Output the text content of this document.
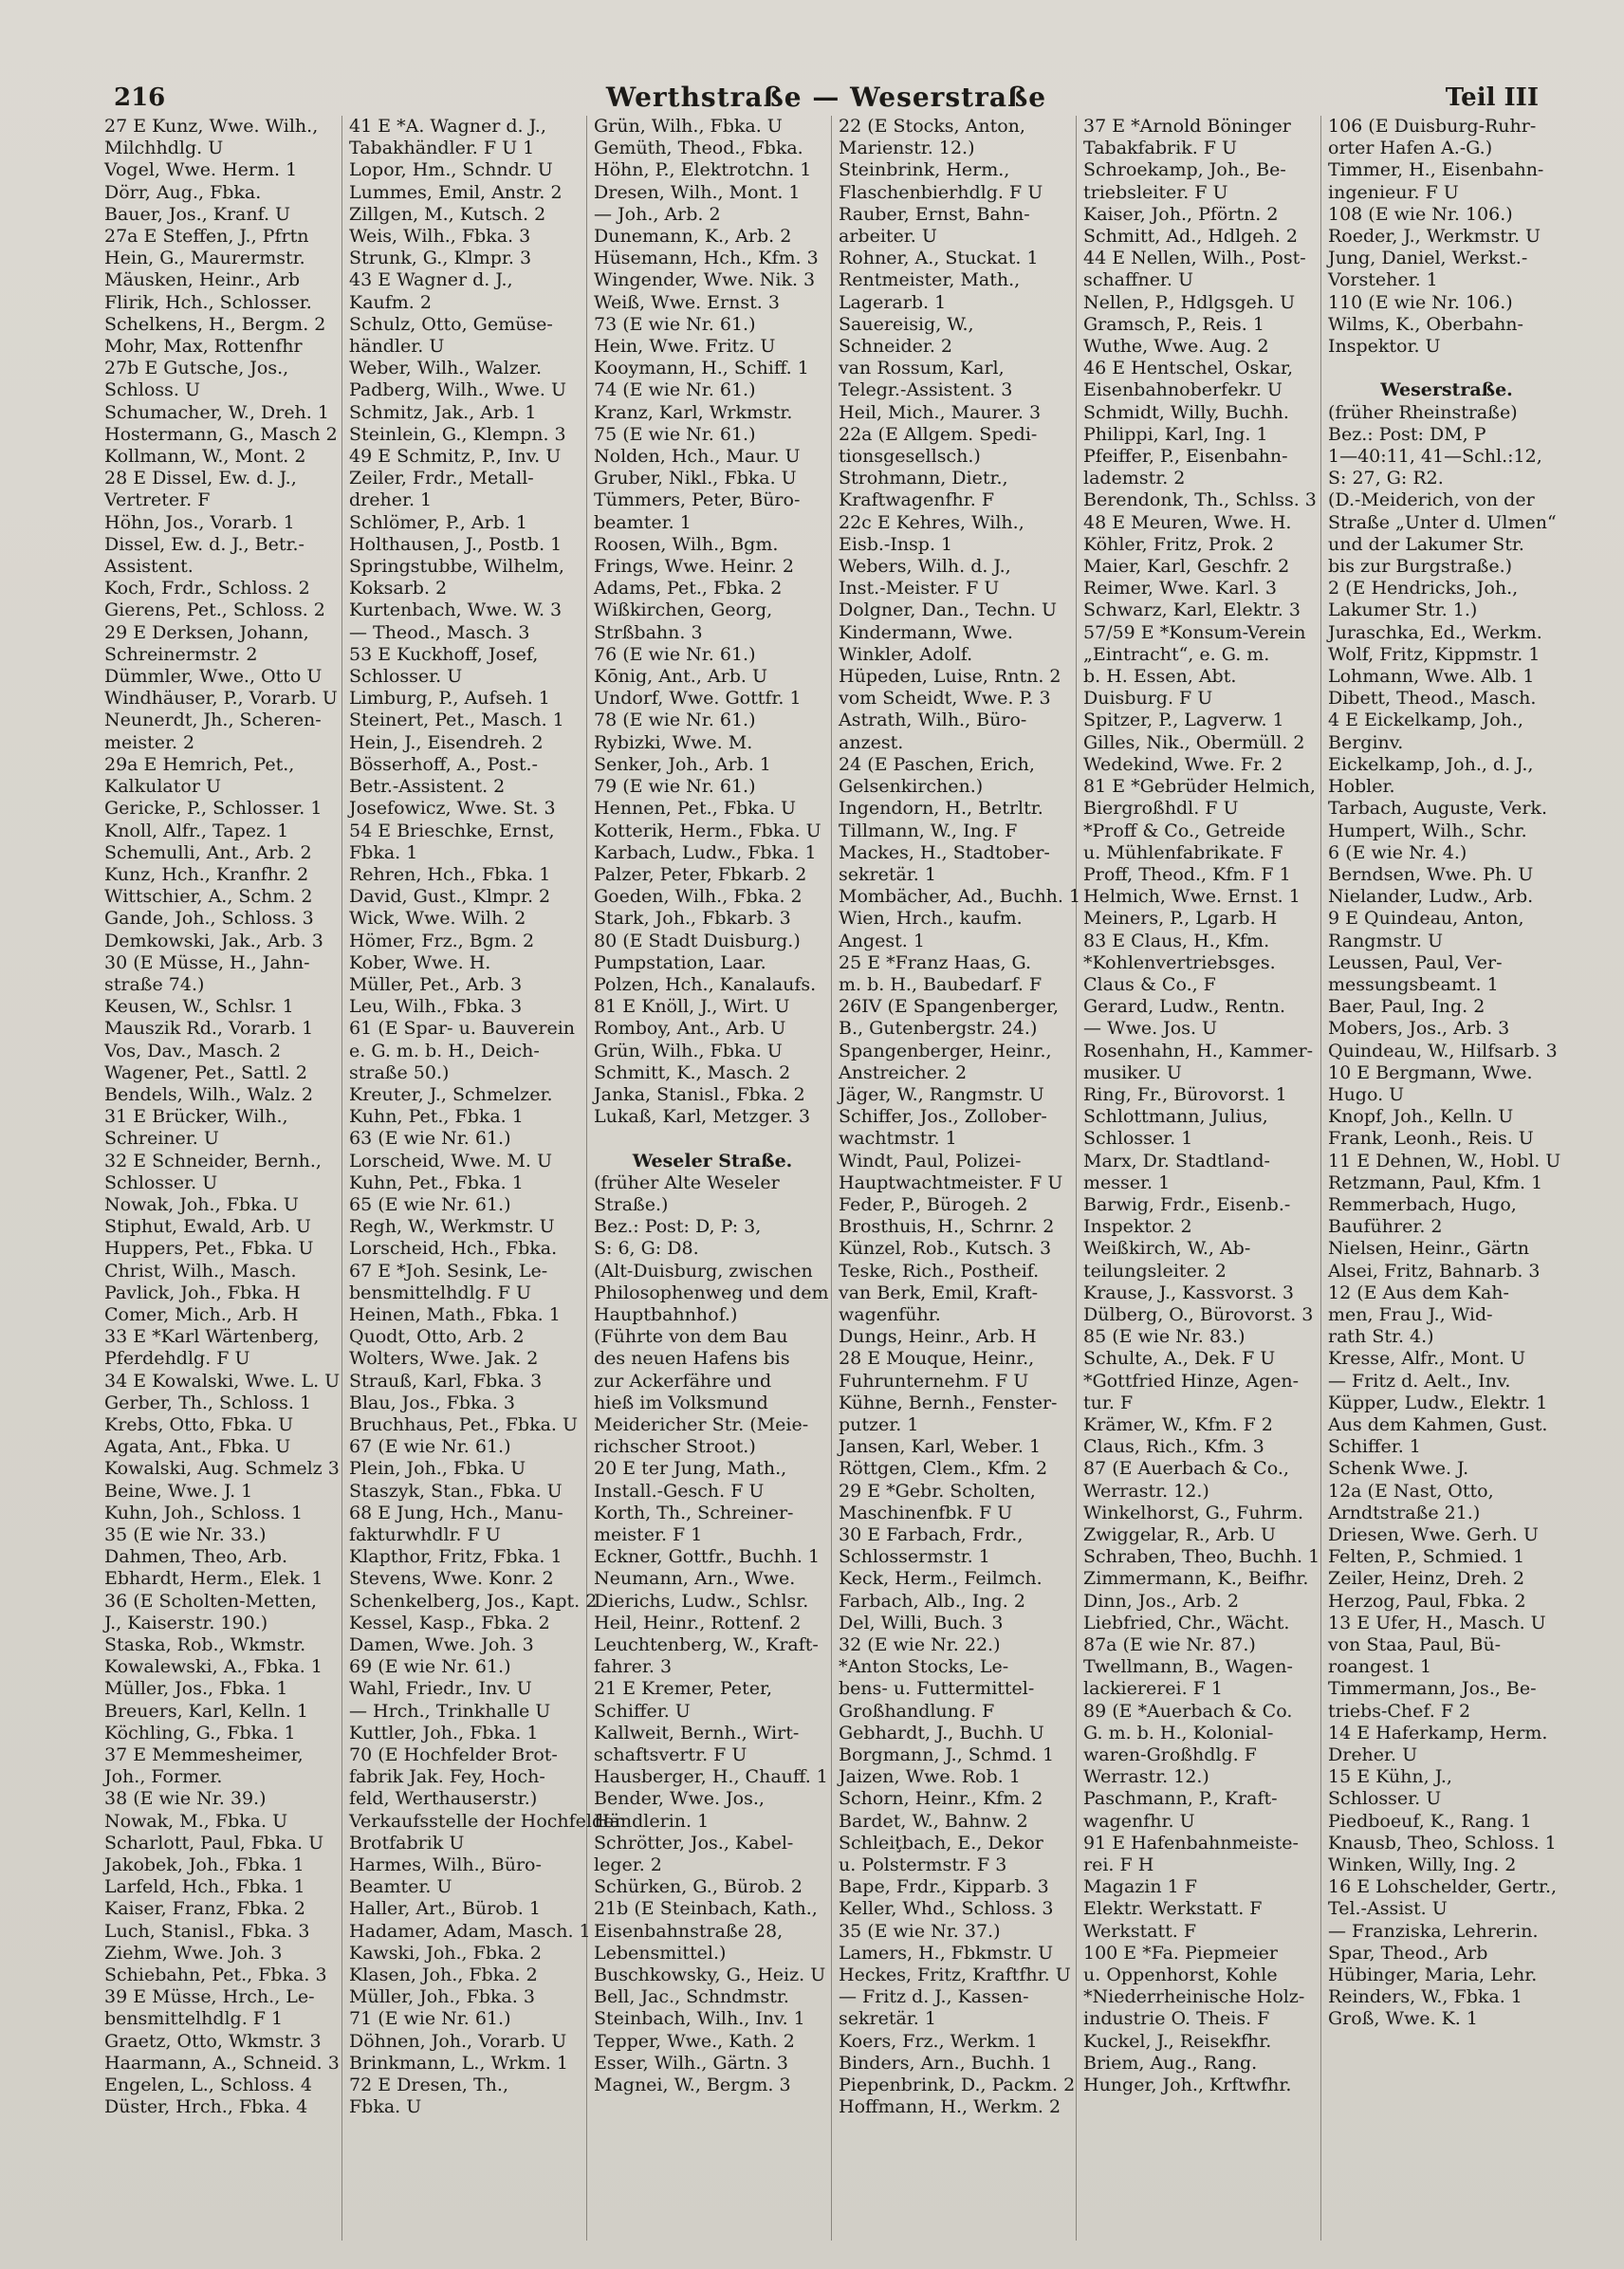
216	Werthstraße — Weserstraße	Teil III
27 E Kunz, Wwe. Wilh.,
Milchhdlg. U
Vogel, Wwe. Herm. 1
Dörr, Aug., Fbka.
Bauer, Jos., Kranf. U
27a E Steffen, J., Pfrtn
Hein, G., Maurermstr.
Mäusken, Heinr., Arb
Flirik, Hch., Schlosser.
Schelkens, H., Bergm. 2
Mohr, Max, Rottenfhr
27b E Gutsche, Jos.,
Schloss. U
Schumacher, W., Dreh. 1
Hostermann, G., Masch 2
Kollmann, W., Mont. 2
28 E Dissel, Ew. d. J.,
Vertreter. F
Höhn, Jos., Vorarb. 1
Dissel, Ew. d. J., Betr.-
Assistent.
Koch, Frdr., Schloss. 2
Gierens, Pet., Schloss. 2
29 E Derksen, Johann,
Schreinermstr. 2
Dümmler, Wwe., Otto U
Windhäuser, P., Vorarb. U
Neunerdt, Jh., Scheren-
meister. 2
29a E Hemrich, Pet.,
Kalkulator U
Gericke, P., Schlosser. 1
Knoll, Alfr., Tapez. 1
Schemulli, Ant., Arb. 2
Kunz, Hch., Kranfhr. 2
Wittschier, A., Schm. 2
Gande, Joh., Schloss. 3
Demkowski, Jak., Arb. 3
30 (E Müsse, H., Jahn-
straße 74.)
Keusen, W., Schlsr. 1
Mauszik Rd., Vorarb. 1
Vos, Dav., Masch. 2
Wagener, Pet., Sattl. 2
Bendels, Wilh., Walz. 2
31 E Brücker, Wilh.,
Schreiner. U
32 E Schneider, Bernh.,
Schlosser. U
Nowak, Joh., Fbka. U
Stiphut, Ewald, Arb. U
Huppers, Pet., Fbka. U
Christ, Wilh., Masch.
Pavlick, Joh., Fbka. H
Comer, Mich., Arb. H
33 E *Karl Wärtenberg,
Pferdehdlg. F U
34 E Kowalski, Wwe. L. U
Gerber, Th., Schloss. 1
Krebs, Otto, Fbka. U
Agata, Ant., Fbka. U
Kowalski, Aug. Schmelz 3
Beine, Wwe. J. 1
Kuhn, Joh., Schloss. 1
35 (E wie Nr. 33.)
Dahmen, Theo, Arb.
Ebhardt, Herm., Elek. 1
36 (E Scholten-Metten,
J., Kaiserstr. 190.)
Staska, Rob., Wkmstr.
Kowalewski, A., Fbka. 1
Müller, Jos., Fbka. 1
Breuers, Karl, Kelln. 1
Köchling, G., Fbka. 1
37 E Memmesheimer,
Joh., Former.
38 (E wie Nr. 39.)
Nowak, M., Fbka. U
Scharlott, Paul, Fbka. U
Jakobek, Joh., Fbka. 1
Larfeld, Hch., Fbka. 1
Kaiser, Franz, Fbka. 2
Luch, Stanisl., Fbka. 3
Ziehm, Wwe. Joh. 3
Schiebahn, Pet., Fbka. 3
39 E Müsse, Hrch., Le-
bensmittelhdlg. F 1
Graetz, Otto, Wkmstr. 3
Haarmann, A., Schneid. 3
Engelen, L., Schloss. 4
Düster, Hrch., Fbka. 4
41 E *A. Wagner d. J.,
Tabakhändler. F U 1
Lopor, Hm., Schndr. U
Lummes, Emil, Anstr. 2
Zillgen, M., Kutsch. 2
Weis, Wilh., Fbka. 3
Strunk, G., Klmpr. 3
43 E Wagner d. J.,
Kaufm. 2
Schulz, Otto, Gemüse-
händler. U
Weber, Wilh., Walzer.
Padberg, Wilh., Wwe. U
Schmitz, Jak., Arb. 1
Steinlein, G., Klempn. 3
49 E Schmitz, P., Inv. U
Zeiler, Frdr., Metall-
dreher. 1
Schlömer, P., Arb. 1
Holthausen, J., Postb. 1
Springstubbe, Wilhelm,
Koksarb. 2
Kurtenbach, Wwe. W. 3
— Theod., Masch. 3
53 E Kuckhoff, Josef,
Schlosser. U
Limburg, P., Aufseh. 1
Steinert, Pet., Masch. 1
Hein, J., Eisendreh. 2
Bösserhoff, A., Post.-
Betr.-Assistent. 2
Josefowicz, Wwe. St. 3
54 E Brieschke, Ernst,
Fbka. 1
Rehren, Hch., Fbka. 1
David, Gust., Klmpr. 2
Wick, Wwe. Wilh. 2
Hömer, Frz., Bgm. 2
Kober, Wwe. H.
Müller, Pet., Arb. 3
Leu, Wilh., Fbka. 3
61 (E Spar- u. Bauverein
e. G. m. b. H., Deich-
straße 50.)
Kreuter, J., Schmelzer.
Kuhn, Pet., Fbka. 1
63 (E wie Nr. 61.)
Lorscheid, Wwe. M. U
Kuhn, Pet., Fbka. 1
65 (E wie Nr. 61.)
Regh, W., Werkmstr. U
Lorscheid, Hch., Fbka.
67 E *Joh. Sesink, Le-
bensmittelhdlg. F U
Heinen, Math., Fbka. 1
Quodt, Otto, Arb. 2
Wolters, Wwe. Jak. 2
Strauß, Karl, Fbka. 3
Blau, Jos., Fbka. 3
Bruchhaus, Pet., Fbka. U
67 (E wie Nr. 61.)
Plein, Joh., Fbka. U
Staszyk, Stan., Fbka. U
68 E Jung, Hch., Manu-
fakturwhdlr. F U
Klapthor, Fritz, Fbka. 1
Stevens, Wwe. Konr. 2
Schenkelberg, Jos., Kapt. 2
Kessel, Kasp., Fbka. 2
Damen, Wwe. Joh. 3
69 (E wie Nr. 61.)
Wahl, Friedr., Inv. U
— Hrch., Trinkhalle U
Kuttler, Joh., Fbka. 1
70 (E Hochfelder Brot-
fabrik Jak. Fey, Hoch-
feld, Werthauserstr.)
Verkaufsstelle der Hochfelder
Brotfabrik U
Harmes, Wilh., Büro-
Beamter. U
Haller, Art., Bürob. 1
Hadamer, Adam, Masch. 1
Kawski, Joh., Fbka. 2
Klasen, Joh., Fbka. 2
Müller, Joh., Fbka. 3
71 (E wie Nr. 61.)
Döhnen, Joh., Vorarb. U
Brinkmann, L., Wrkm. 1
72 E Dresen, Th.,
Fbka. U
Grün, Wilh., Fbka. U
Gemüth, Theod., Fbka.
Höhn, P., Elektrotchn. 1
Dresen, Wilh., Mont. 1
— Joh., Arb. 2
Dunemann, K., Arb. 2
Hüsemann, Hch., Kfm. 3
Wingender, Wwe. Nik. 3
Weiß, Wwe. Ernst. 3
73 (E wie Nr. 61.)
Hein, Wwe. Fritz. U
Kooymann, H., Schiff. 1
74 (E wie Nr. 61.)
Kranz, Karl, Wrkmstr.
75 (E wie Nr. 61.)
Nolden, Hch., Maur. U
Gruber, Nikl., Fbka. U
Tümmers, Peter, Büro-
beamter. 1
Roosen, Wilh., Bgm.
Frings, Wwe. Heinr. 2
Adams, Pet., Fbka. 2
Wißkirchen, Georg,
Strßbahn. 3
76 (E wie Nr. 61.)
Kōnig, Ant., Arb. U
Undorf, Wwe. Gottfr. 1
78 (E wie Nr. 61.)
Rybizki, Wwe. M.
Senker, Joh., Arb. 1
79 (E wie Nr. 61.)
Hennen, Pet., Fbka. U
Kotterik, Herm., Fbka. U
Karbach, Ludw., Fbka. 1
Palzer, Peter, Fbkarb. 2
Goeden, Wilh., Fbka. 2
Stark, Joh., Fbkarb. 3
80 (E Stadt Duisburg.)
Pumpstation, Laar.
Polzen, Hch., Kanalaufs.
81 E Knöll, J., Wirt. U
Romboy, Ant., Arb. U
Grün, Wilh., Fbka. U
Schmitt, K., Masch. 2
Janka, Stanisl., Fbka. 2
Lukaß, Karl, Metzger. 3

Weseler Straße.
(früher Alte Weseler
Straße.)
Bez.: Post: D, P: 3,
S: 6, G: D8.
(Alt-Duisburg, zwischen
Philosophenweg und dem
Hauptbahnhof.)
(Führte von dem Bau
des neuen Hafens bis
zur Ackerfähre und
hieß im Volksmund
Meidericher Str. (Meie-
richscher Stroot.)
20 E ter Jung, Math.,
Install.-Gesch. F U
Korth, Th., Schreiner-
meister. F 1
Eckner, Gottfr., Buchh. 1
Neumann, Arn., Wwe.
Dierichs, Ludw., Schlsr.
Heil, Heinr., Rottenf. 2
Leuchtenberg, W., Kraft-
fahrer. 3
21 E Kremer, Peter,
Schiffer. U
Kallweit, Bernh., Wirt-
schaftsvertr. F U
Hausberger, H., Chauff. 1
Bender, Wwe. Jos.,
Händlerin. 1
Schrötter, Jos., Kabel-
leger. 2
Schürken, G., Bürob. 2
21b (E Steinbach, Kath.,
Eisenbahnstraße 28,
Lebensmittel.)
Buschkowsky, G., Heiz. U
Bell, Jac., Schndmstr.
Steinbach, Wilh., Inv. 1
Tepper, Wwe., Kath. 2
Esser, Wilh., Gärtn. 3
Magnei, W., Bergm. 3
22 (E Stocks, Anton,
Marienstr. 12.)
Steinbrink, Herm.,
Flaschenbierhdlg. F U
Rauber, Ernst, Bahn-
arbeiter. U
Rohner, A., Stuckat. 1
Rentmeister, Math.,
Lagerarb. 1
Sauereisig, W.,
Schneider. 2
van Rossum, Karl,
Telegr.-Assistent. 3
Heil, Mich., Maurer. 3
22a (E Allgem. Spedi-
tionsgesellsch.)
Strohmann, Dietr.,
Kraftwagenfhr. F
22c E Kehres, Wilh.,
Eisb.-Insp. 1
Webers, Wilh. d. J.,
Inst.-Meister. F U
Dolgner, Dan., Techn. U
Kindermann, Wwe.
Winkler, Adolf.
Hüpeden, Luise, Rntn. 2
vom Scheidt, Wwe. P. 3
Astrath, Wilh., Büro-
anzest.
24 (E Paschen, Erich,
Gelsenkirchen.)
Ingendorn, H., Betrltr.
Tillmann, W., Ing. F
Mackes, H., Stadtober-
sekretär. 1
Mombächer, Ad., Buchh. 1
Wien, Hrch., kaufm.
Angest. 1
25 E *Franz Haas, G.
m. b. H., Baubedarf. F
26IV (E Spangenberger,
B., Gutenbergstr. 24.)
Spangenberger, Heinr.,
Anstreicher. 2
Jäger, W., Rangmstr. U
Schiffer, Jos., Zollober-
wachtmstr. 1
Windt, Paul, Polizei-
Hauptwachtmeister. F U
Feder, P., Bürogeh. 2
Brosthuis, H., Schrnr. 2
Künzel, Rob., Kutsch. 3
Teske, Rich., Postheif.
van Berk, Emil, Kraft-
wagenführ.
Dungs, Heinr., Arb. H
28 E Mouque, Heinr.,
Fuhrunternehm. F U
Kühne, Bernh., Fenster-
putzer. 1
Jansen, Karl, Weber. 1
Röttgen, Clem., Kfm. 2
29 E *Gebr. Scholten,
Maschinenfbk. F U
30 E Farbach, Frdr.,
Schlossermstr. 1
Keck, Herm., Feilmch.
Farbach, Alb., Ing. 2
Del, Willi, Buch. 3
32 (E wie Nr. 22.)
*Anton Stocks, Le-
bens- u. Futtermittel-
Großhandlung. F
Gebhardt, J., Buchh. U
Borgmann, J., Schmd. 1
Jaizen, Wwe. Rob. 1
Schorn, Heinr., Kfm. 2
Bardet, W., Bahnw. 2
Schleiţbach, E., Dekor
u. Polstermstr. F 3
Bape, Frdr., Kipparb. 3
Keller, Whd., Schloss. 3
35 (E wie Nr. 37.)
Lamers, H., Fbkmstr. U
Heckes, Fritz, Kraftfhr. U
— Fritz d. J., Kassen-
sekretär. 1
Koers, Frz., Werkm. 1
Binders, Arn., Buchh. 1
Piepenbrink, D., Packm. 2
Hoffmann, H., Werkm. 2
37 E *Arnold Böninger
Tabakfabrik. F U
Schroekamp, Joh., Be-
triebsleiter. F U
Kaiser, Joh., Pförtn. 2
Schmitt, Ad., Hdlgeh. 2
44 E Nellen, Wilh., Post-
schaffner. U
Nellen, P., Hdlgsgeh. U
Gramsch, P., Reis. 1
Wuthe, Wwe. Aug. 2
46 E Hentschel, Oskar,
Eisenbahnoberfekr. U
Schmidt, Willy, Buchh.
Philippi, Karl, Ing. 1
Pfeiffer, P., Eisenbahn-
lademstr. 2
Berendonk, Th., Schlss. 3
48 E Meuren, Wwe. H.
Köhler, Fritz, Prok. 2
Maier, Karl, Geschfr. 2
Reimer, Wwe. Karl. 3
Schwarz, Karl, Elektr. 3
57/59 E *Konsum-Verein
„Eintracht“, e. G. m.
b. H. Essen, Abt.
Duisburg. F U
Spitzer, P., Lagverw. 1
Gilles, Nik., Obermüll. 2
Wedekind, Wwe. Fr. 2
81 E *Gebrüder Helmich,
Biergroßhdl. F U
*Proff & Co., Getreide
u. Mühlenfabrikate. F
Proff, Theod., Kfm. F 1
Helmich, Wwe. Ernst. 1
Meiners, P., Lgarb. H
83 E Claus, H., Kfm.
*Kohlenvertriebsges.
Claus & Co., F
Gerard, Ludw., Rentn.
— Wwe. Jos. U
Rosenhahn, H., Kammer-
musiker. U
Ring, Fr., Bürovorst. 1
Schlottmann, Julius,
Schlosser. 1
Marx, Dr. Stadtland-
messer. 1
Barwig, Frdr., Eisenb.-
Inspektor. 2
Weißkirch, W., Ab-
teilungsleiter. 2
Krause, J., Kassvorst. 3
Dülberg, O., Bürovorst. 3
85 (E wie Nr. 83.)
Schulte, A., Dek. F U
*Gottfried Hinze, Agen-
tur. F
Krämer, W., Kfm. F 2
Claus, Rich., Kfm. 3
87 (E Auerbach & Co.,
Werrastr. 12.)
Winkelhorst, G., Fuhrm.
Zwiggelar, R., Arb. U
Schraben, Theo, Buchh. 1
Zimmermann, K., Beifhr.
Dinn, Jos., Arb. 2
Liebfried, Chr., Wächt.
87a (E wie Nr. 87.)
Twellmann, B., Wagen-
lackiererei. F 1
89 (E *Auerbach & Co.
G. m. b. H., Kolonial-
waren-Großhdlg. F
Werrastr. 12.)
Paschmann, P., Kraft-
wagenfhr. U
91 E Hafenbahnmeiste-
rei. F H
Magazin 1 F
Elektr. Werkstatt. F
Werkstatt. F
100 E *Fa. Piepmeier
u. Oppenhorst, Kohle
*Niederrheinische Holz-
industrie O. Theis. F
Kuckel, J., Reisekfhr.
Briem, Aug., Rang.
Hunger, Joh., Krftwfhr.
106 (E Duisburg-Ruhr-
orter Hafen A.-G.)
Timmer, H., Eisenbahn-
ingenieur. F U
108 (E wie Nr. 106.)
Roeder, J., Werkmstr. U
Jung, Daniel, Werkst.-
Vorsteher. 1
110 (E wie Nr. 106.)
Wilms, K., Oberbahn-
Inspektor. U

Weserstraße.
(früher Rheinstraße)
Bez.: Post: DM, P
1—40:11, 41—Schl.:12,
S: 27, G: R2.
(D.-Meiderich, von der
Straße „Unter d. Ulmen“
und der Lakumer Str.
bis zur Burgstraße.)
2 (E Hendricks, Joh.,
Lakumer Str. 1.)
Juraschka, Ed., Werkm.
Wolf, Fritz, Kippmstr. 1
Lohmann, Wwe. Alb. 1
Dibett, Theod., Masch.
4 E Eickelkamp, Joh.,
Berginv.
Eickelkamp, Joh., d. J.,
Hobler.
Tarbach, Auguste, Verk.
Humpert, Wilh., Schr.
6 (E wie Nr. 4.)
Berndsen, Wwe. Ph. U
Nielander, Ludw., Arb.
9 E Quindeau, Anton,
Rangmstr. U
Leussen, Paul, Ver-
messungsbeamt. 1
Baer, Paul, Ing. 2
Mobers, Jos., Arb. 3
Quindeau, W., Hilfsarb. 3
10 E Bergmann, Wwe.
Hugo. U
Knopf, Joh., Kelln. U
Frank, Leonh., Reis. U
11 E Dehnen, W., Hobl. U
Retzmann, Paul, Kfm. 1
Remmerbach, Hugo,
Bauführer. 2
Nielsen, Heinr., Gärtn
Alsei, Fritz, Bahnarb. 3
12 (E Aus dem Kah-
men, Frau J., Wid-
rath Str. 4.)
Kresse, Alfr., Mont. U
— Fritz d. Aelt., Inv.
Küpper, Ludw., Elektr. 1
Aus dem Kahmen, Gust.
Schiffer. 1
Schenk Wwe. J.
12a (E Nast, Otto,
Arndtstraße 21.)
Driesen, Wwe. Gerh. U
Felten, P., Schmied. 1
Zeiler, Heinz, Dreh. 2
Herzog, Paul, Fbka. 2
13 E Ufer, H., Masch. U
von Staa, Paul, Bü-
roangest. 1
Timmermann, Jos., Be-
triebs-Chef. F 2
14 E Haferkamp, Herm.
Dreher. U
15 E Kühn, J.,
Schlosser. U
Piedboeuf, K., Rang. 1
Knausb, Theo, Schloss. 1
Winken, Willy, Ing. 2
16 E Lohschelder, Gertr.,
Tel.-Assist. U
— Franziska, Lehrerin.
Spar, Theod., Arb
Hübinger, Maria, Lehr.
Reinders, W., Fbka. 1
Groß, Wwe. K. 1
